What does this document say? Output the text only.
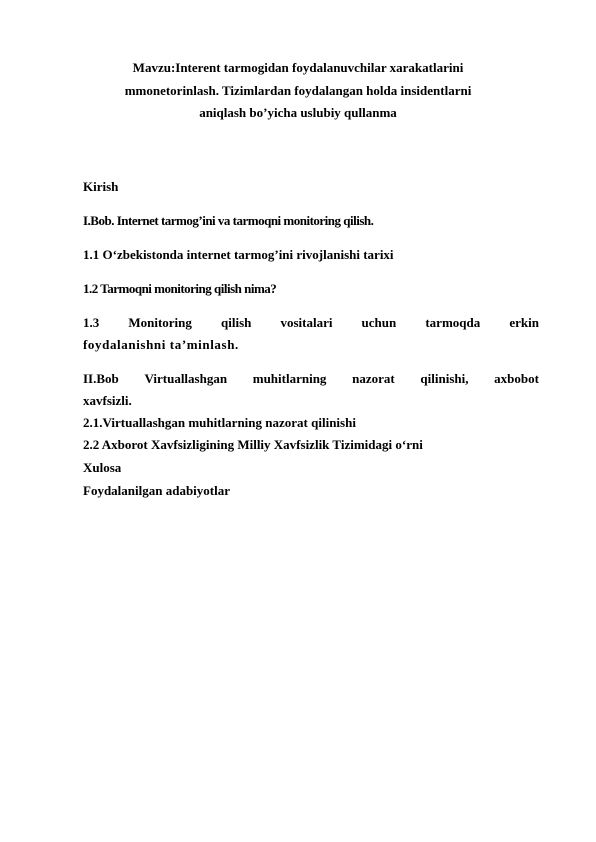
Mavzu:Interent tarmogidan foydalanuvchilar xarakatlarini
mmonetorinlash. Tizimlardan foydalangan holda insidentlarni
aniqlash bo’yicha uslubiy qullanma
Kirish
I.Bob. Internet tarmog’ini va tarmoqni monitoring qilish.
1.1 O‘zbekistonda internet tarmog’ini rivojlanishi tarixi
1.2 Tarmoqni monitoring qilish nima?
1.3 Monitoring qilish vositalari uchun tarmoqda erkin
foydalanishni ta’minlash.
II.Bob Virtuallashgan muhitlarning nazorat qilinishi, axbobot
xavfsizli.
2.1.Virtuallashgan muhitlarning nazorat qilinishi
2.2 Axborot Xavfsizligining Milliy Xavfsizlik Tizimidagi o‘rni
Xulosa
Foydalanilgan adabiyotlar
